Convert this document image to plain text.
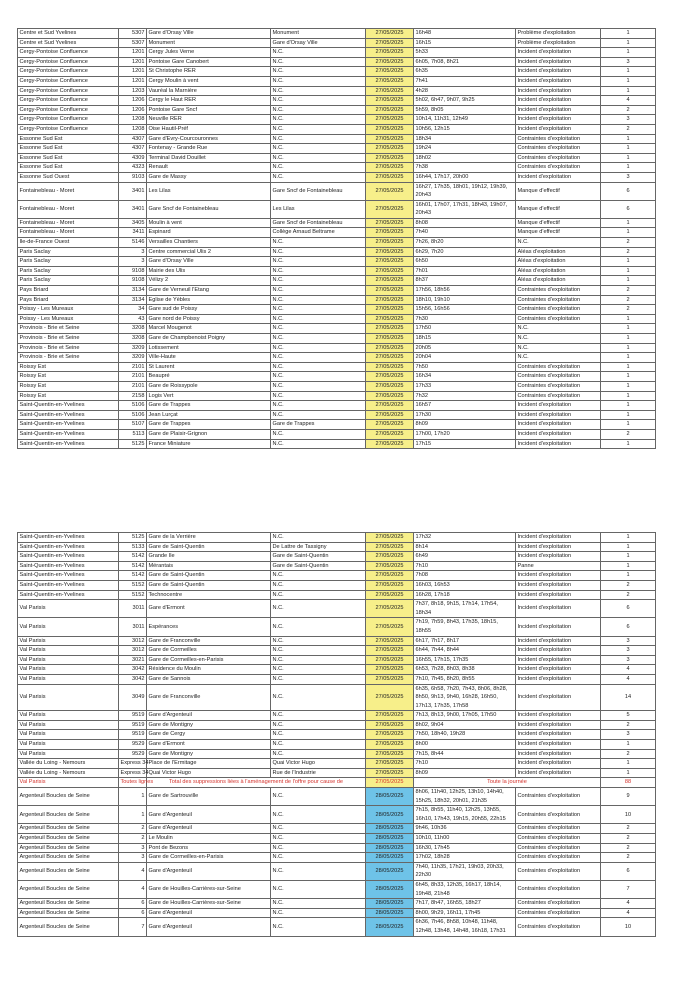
Centre et Sud Yvelines	5307	Gare d'Orsay Ville	Monument	27/05/2025	16h48	Problème d'exploitation	1
Centre et Sud Yvelines	5307	Monument	Gare d'Orsay Ville	27/05/2025	16h15	Problème d'exploitation	1
Cergy-Pontoise Confluence	1201	Cergy Jules Verne	N.C.	27/05/2025	5h33	Incident d'exploitation	1
Cergy-Pontoise Confluence	1201	Pontoise Gare Canobert	N.C.	27/05/2025	6h05, 7h08, 8h21	Incident d'exploitation	3
Cergy-Pontoise Confluence	1201	St Christophe RER	N.C.	27/05/2025	6h35	Incident d'exploitation	1
Cergy-Pontoise Confluence	1201	Cergy Moulin à vent	N.C.	27/05/2025	7h41	Incident d'exploitation	1
Cergy-Pontoise Confluence	1203	Vauréal la Marnière	N.C.	27/05/2025	4h28	Incident d'exploitation	1
Cergy-Pontoise Confluence	1206	Cergy le Haut RER	N.C.	27/05/2025	5h02, 6h47, 9h07, 9h25	Incident d'exploitation	4
Cergy-Pontoise Confluence	1206	Pontoise Gare Sncf	N.C.	27/05/2025	5h59, 8h05	Incident d'exploitation	2
Cergy-Pontoise Confluence	1208	Neuville RER	N.C.	27/05/2025	10h14, 11h31, 12h49	Incident d'exploitation	3
Cergy-Pontoise Confluence	1208	Oise Hautil-Préf	N.C.	27/05/2025	10h56, 12h15	Incident d'exploitation	2
Essonne Sud Est	4307	Gare d'Evry-Courcouronnes	N.C.	27/05/2025	18h34	Contraintes d'exploitation	1
Essonne Sud Est	4307	Fontenay - Grande Rue	N.C.	27/05/2025	19h24	Contraintes d'exploitation	1
Essonne Sud Est	4309	Terminal David Douillet	N.C.	27/05/2025	18h02	Contraintes d'exploitation	1
Essonne Sud Est	4323	Renault	N.C.	27/05/2025	7h38	Contraintes d'exploitation	1
Essonne Sud Ouest	9103	Gare de Massy	N.C.	27/05/2025	16h44, 17h17, 20h00	Incident d'exploitation	3
Fontainebleau - Moret	3401	Les Lilas	Gare Sncf de Fontainebleau	27/05/2025	16h27, 17h35, 18h01, 19h12, 19h39, 20h43	Manque d'effectif	6
Fontainebleau - Moret	3401	Gare Sncf de Fontainebleau	Les Lilas	27/05/2025	16h01, 17h07, 17h31, 18h43, 19h07, 20h43	Manque d'effectif	6
Fontainebleau - Moret	3405	Moulin à vent	Gare Sncf de Fontainebleau	27/05/2025	8h08	Manque d'effectif	1
Fontainebleau - Moret	3411	Espinard	Collège Arnaud Beltrame	27/05/2025	7h40	Manque d'effectif	1
Ile-de-France Ouest	5146	Versailles Chantiers	N.C.	27/05/2025	7h26, 8h20	N.C.	2
Paris Saclay	3	Centre commercial Ulis 2	N.C.	27/05/2025	6h29, 7h20	Aléas d'exploitation	2
Paris Saclay	3	Gare d'Orsay Ville	N.C.	27/05/2025	6h50	Aléas d'exploitation	1
Paris Saclay	9108	Mairie des Ulis	N.C.	27/05/2025	7h01	Aléas d'exploitation	1
Paris Saclay	9108	Vélizy 2	N.C.	27/05/2025	8h37	Aléas d'exploitation	1
Pays Briard	3134	Gare de Verneuil l'Etang	N.C.	27/05/2025	17h56, 18h56	Contraintes d'exploitation	2
Pays Briard	3134	Eglise de Yèbles	N.C.	27/05/2025	18h10, 19h10	Contraintes d'exploitation	2
Poissy - Les Mureaux	34	Gare sud de Poissy	N.C.	27/05/2025	15h56, 16h56	Contraintes d'exploitation	2
Poissy - Les Mureaux	43	Gare nord de Poissy	N.C.	27/05/2025	7h30	Contraintes d'exploitation	1
Provinois - Brie et Seine	3208	Marcel Mougenot	N.C.	27/05/2025	17h50	N.C.	1
Provinois - Brie et Seine	3208	Gare de Champbenoist Poigny	N.C.	27/05/2025	18h15	N.C.	1
Provinois - Brie et Seine	3209	Lotissement	N.C.	27/05/2025	20h05	N.C.	1
Provinois - Brie et Seine	3209	Ville-Haute	N.C.	27/05/2025	20h04	N.C.	1
Roissy Est	2101	St Laurent	N.C.	27/05/2025	7h50	Contraintes d'exploitation	1
Roissy Est	2101	Beaupré	N.C.	27/05/2025	16h34	Contraintes d'exploitation	1
Roissy Est	2101	Gare de Roissypole	N.C.	27/05/2025	17h33	Contraintes d'exploitation	1
Roissy Est	2158	Logis Vert	N.C.	27/05/2025	7h32	Contraintes d'exploitation	1
Saint-Quentin-en-Yvelines	5106	Gare de Trappes	N.C.	27/05/2025	16h57	Incident d'exploitation	1
Saint-Quentin-en-Yvelines	5106	Jean Lurçat	N.C.	27/05/2025	17h30	Incident d'exploitation	1
Saint-Quentin-en-Yvelines	5107	Gare de Trappes	Gare de Trappes	27/05/2025	8h09	Incident d'exploitation	1
Saint-Quentin-en-Yvelines	5113	Gare de Plaisir-Grignon	N.C.	27/05/2025	17h00, 17h20	Incident d'exploitation	2
Saint-Quentin-en-Yvelines	5125	France Miniature	N.C.	27/05/2025	17h15	Incident d'exploitation	1
Saint-Quentin-en-Yvelines	5125	Gare de la Verrière	N.C.	27/05/2025	17h32	Incident d'exploitation	1
Saint-Quentin-en-Yvelines	5133	Gare de Saint-Quentin	De Lattre de Tassigny	27/05/2025	8h14	Incident d'exploitation	1
Saint-Quentin-en-Yvelines	5142	Grande Ile	Gare de Saint-Quentin	27/05/2025	6h49	Incident d'exploitation	1
Saint-Quentin-en-Yvelines	5142	Mérantais	Gare de Saint-Quentin	27/05/2025	7h10	Panne	1
Saint-Quentin-en-Yvelines	5142	Gare de Saint-Quentin	N.C.	27/05/2025	7h08	Incident d'exploitation	1
Saint-Quentin-en-Yvelines	5152	Gare de Saint-Quentin	N.C.	27/05/2025	16h03, 16h53	Incident d'exploitation	2
Saint-Quentin-en-Yvelines	5152	Technocentre	N.C.	27/05/2025	16h28, 17h18	Incident d'exploitation	2
Val Parisis	3011	Gare d'Ermont	N.C.	27/05/2025	7h37, 8h18, 9h15, 17h14, 17h54, 18h34	Incident d'exploitation	6
Val Parisis	3011	Espérances	N.C.	27/05/2025	7h19, 7h59, 8h43, 17h35, 18h15, 18h55	Incident d'exploitation	6
Val Parisis	3012	Gare de Franconville	N.C.	27/05/2025	6h17, 7h17, 8h17	Incident d'exploitation	3
Val Parisis	3012	Gare de Cormeilles	N.C.	27/05/2025	6h44, 7h44, 8h44	Incident d'exploitation	3
Val Parisis	3021	Gare de Cormeilles-en-Parisis	N.C.	27/05/2025	16h55, 17h15, 17h35	Incident d'exploitation	3
Val Parisis	3042	Résidence du Moulin	N.C.	27/05/2025	6h53, 7h28, 8h03, 8h38	Incident d'exploitation	4
Val Parisis	3042	Gare de Sannois	N.C.	27/05/2025	7h10, 7h45, 8h20, 8h55	Incident d'exploitation	4
Val Parisis	3049	Gare de Franconville	N.C.	27/05/2025	6h35, 6h58, 7h20, 7h43, 8h06, 8h28, 8h50, 9h13, 9h40, 16h28, 16h50, 17h13, 17h35, 17h58	Incident d'exploitation	14
Val Parisis	9519	Gare d'Argenteuil	N.C.	27/05/2025	7h13, 8h13, 9h00, 17h05, 17h50	Incident d'exploitation	5
Val Parisis	9519	Gare de Montigny	N.C.	27/05/2025	8h02, 9h04	Incident d'exploitation	2
Val Parisis	9519	Gare de Cergy	N.C.	27/05/2025	7h50, 18h40, 19h28	Incident d'exploitation	3
Val Parisis	9529	Gare d'Ermont	N.C.	27/05/2025	8h00	Incident d'exploitation	1
Val Parisis	9529	Gare de Montigny	N.C.	27/05/2025	7h15, 8h44	Incident d'exploitation	2
Vallée du Loing - Nemours	Express 34	Place de l'Ermitage	Quai Victor Hugo	27/05/2025	7h10	Incident d'exploitation	1
Vallée du Loing - Nemours	Express 34	Quai Victor Hugo	Rue de l'Industrie	27/05/2025	8h09	Incident d'exploitation	1
Val Parisis	Toutes lignes	Total des suppressions liées à l'aménagement de l'offre pour cause de		27/05/2025	Toute la journée		88
Argenteuil Boucles de Seine	1	Gare de Sartrouville	N.C.	28/05/2025	8h06, 11h40, 12h25, 13h10, 14h40, 15h25, 18h32, 20h01, 21h35	Contraintes d'exploitation	9
Argenteuil Boucles de Seine	1	Gare d'Argenteuil	N.C.	28/05/2025	7h15, 8h55, 11h40, 12h25, 13h55, 16h10, 17h43, 19h15, 20h55, 22h15	Contraintes d'exploitation	10
Argenteuil Boucles de Seine	2	Gare d'Argenteuil	N.C.	28/05/2025	9h46, 10h36	Contraintes d'exploitation	2
Argenteuil Boucles de Seine	2	Le Moulin	N.C.	28/05/2025	10h10, 11h00	Contraintes d'exploitation	2
Argenteuil Boucles de Seine	3	Pont de Bezons	N.C.	28/05/2025	16h30, 17h45	Contraintes d'exploitation	2
Argenteuil Boucles de Seine	3	Gare de Cormeilles-en-Parisis	N.C.	28/05/2025	17h02, 18h28	Contraintes d'exploitation	2
Argenteuil Boucles de Seine	4	Gare d'Argenteuil	N.C.	28/05/2025	7h40, 11h35, 17h21, 19h03, 20h33, 22h30	Contraintes d'exploitation	6
Argenteuil Boucles de Seine	4	Gare de Houilles-Carrières-sur-Seine	N.C.	28/05/2025	6h45, 8h33, 12h35, 16h17, 18h14, 19h48, 21h48	Contraintes d'exploitation	7
Argenteuil Boucles de Seine	6	Gare de Houilles-Carrières-sur-Seine	N.C.	28/05/2025	7h17, 8h47, 16h55, 18h27	Contraintes d'exploitation	4
Argenteuil Boucles de Seine	6	Gare d'Argenteuil	N.C.	28/05/2025	8h00, 9h29, 16h11, 17h45	Contraintes d'exploitation	4
Argenteuil Boucles de Seine	7	Gare d'Argenteuil	N.C.	28/05/2025	6h36, 7h46, 8h58, 10h48, 11h48, 12h48, 13h48, 14h48, 16h18, 17h31	Contraintes d'exploitation	10
